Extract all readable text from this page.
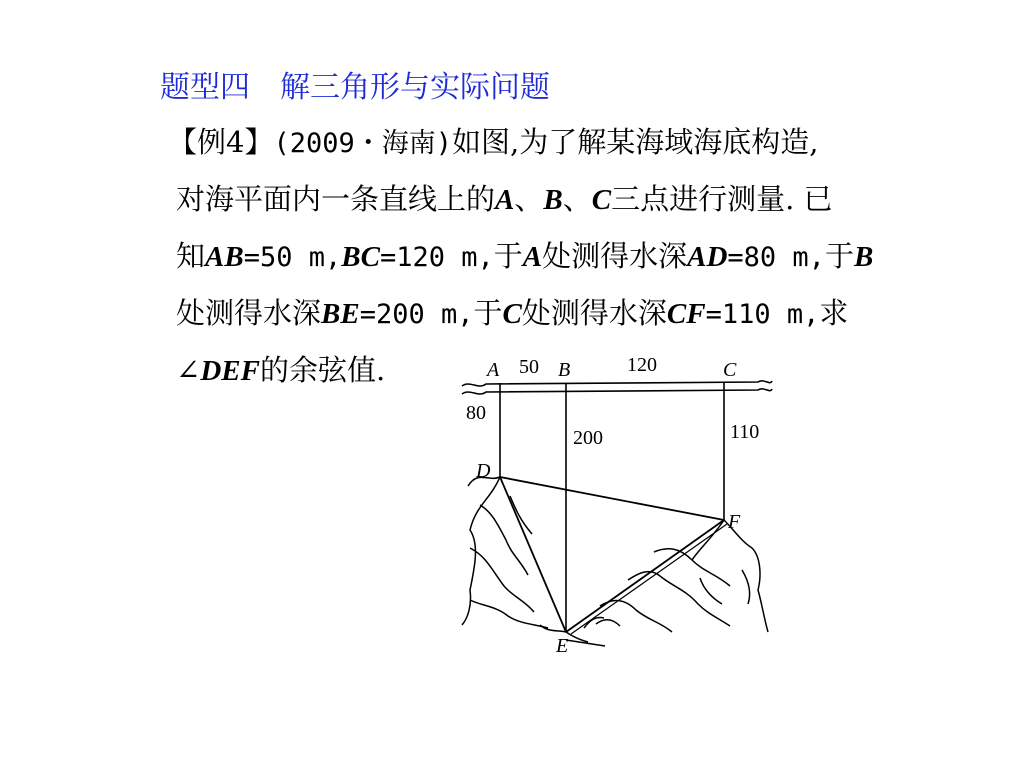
题型四　解三角形与实际问题
【例4】(2009・海南)如图,为了解某海域海底构造,
对海平面内一条直线上的A、B、C三点进行测量. 已
知AB=50 m,BC=120 m,于A处测得水深AD=80 m,于B
处测得水深BE=200 m,于C处测得水深CF=110 m,求
∠DEF的余弦值.	A 50 B	120	C
80
200	110
D
F
E
